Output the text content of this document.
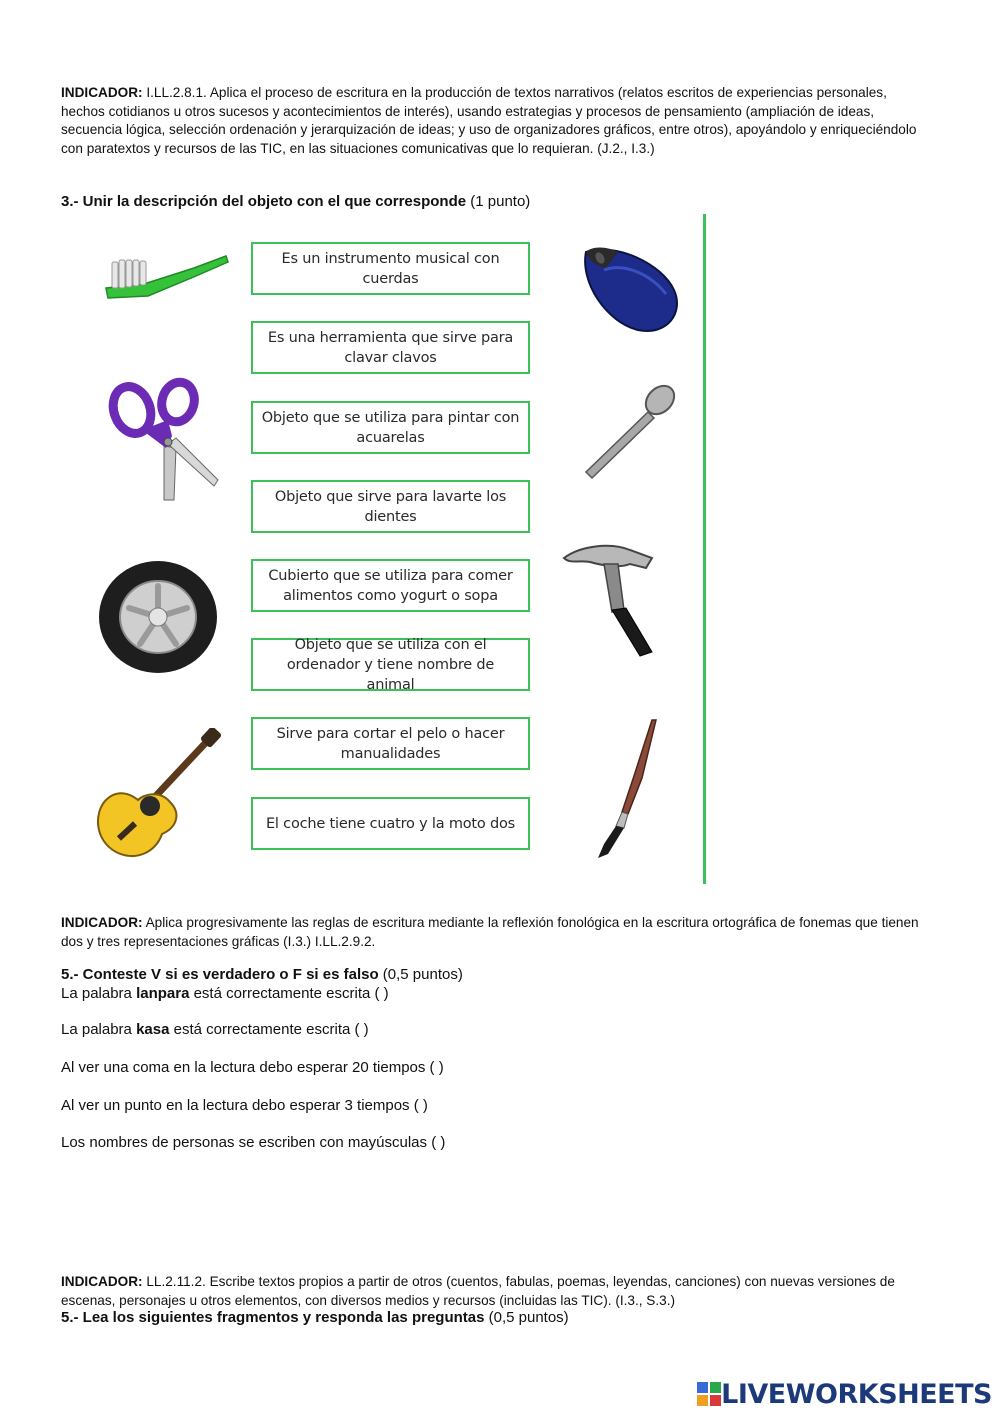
INDICADOR: I.LL.2.8.1. Aplica el proceso de escritura en la producción de textos narrativos (relatos escritos de experiencias personales, hechos cotidianos u otros sucesos y acontecimientos de interés), usando estrategias y procesos de pensamiento (ampliación de ideas, secuencia lógica, selección ordenación y jerarquización de ideas; y uso de organizadores gráficos, entre otros), apoyándolo y enriqueciéndolo con paratextos y recursos de las TIC, en las situaciones comunicativas que lo requieran. (J.2., I.3.)
3.- Unir la descripción del objeto con el que corresponde (1 punto)
Es un instrumento musical con cuerdas
Es una herramienta que sirve para clavar clavos
Objeto que se utiliza para pintar con acuarelas
Objeto que sirve para lavarte los dientes
Cubierto que se utiliza para comer alimentos como yogurt o sopa
Objeto que se utiliza con el ordenador y tiene nombre de animal
Sirve para cortar el pelo o hacer manualidades
El coche tiene cuatro y la moto dos
INDICADOR: Aplica progresivamente las reglas de escritura mediante la reflexión fonológica en la escritura ortográfica de fonemas que tienen dos y tres representaciones gráficas (I.3.) I.LL.2.9.2.
5.- Conteste V si es verdadero o F si es falso (0,5 puntos)
La palabra lanpara está correctamente escrita ( )
La palabra kasa está correctamente escrita ( )
Al ver una coma en la lectura debo esperar 20 tiempos ( )
Al ver un punto en la lectura debo esperar 3 tiempos ( )
Los nombres de personas se escriben con mayúsculas ( )
INDICADOR: LL.2.11.2. Escribe textos propios a partir de otros (cuentos, fabulas, poemas, leyendas, canciones) con nuevas versiones de escenas, personajes u otros elementos, con diversos medios y recursos (incluidas las TIC). (I.3., S.3.)
5.- Lea los siguientes fragmentos y responda las preguntas (0,5 puntos)
LIVEWORKSHEETS
